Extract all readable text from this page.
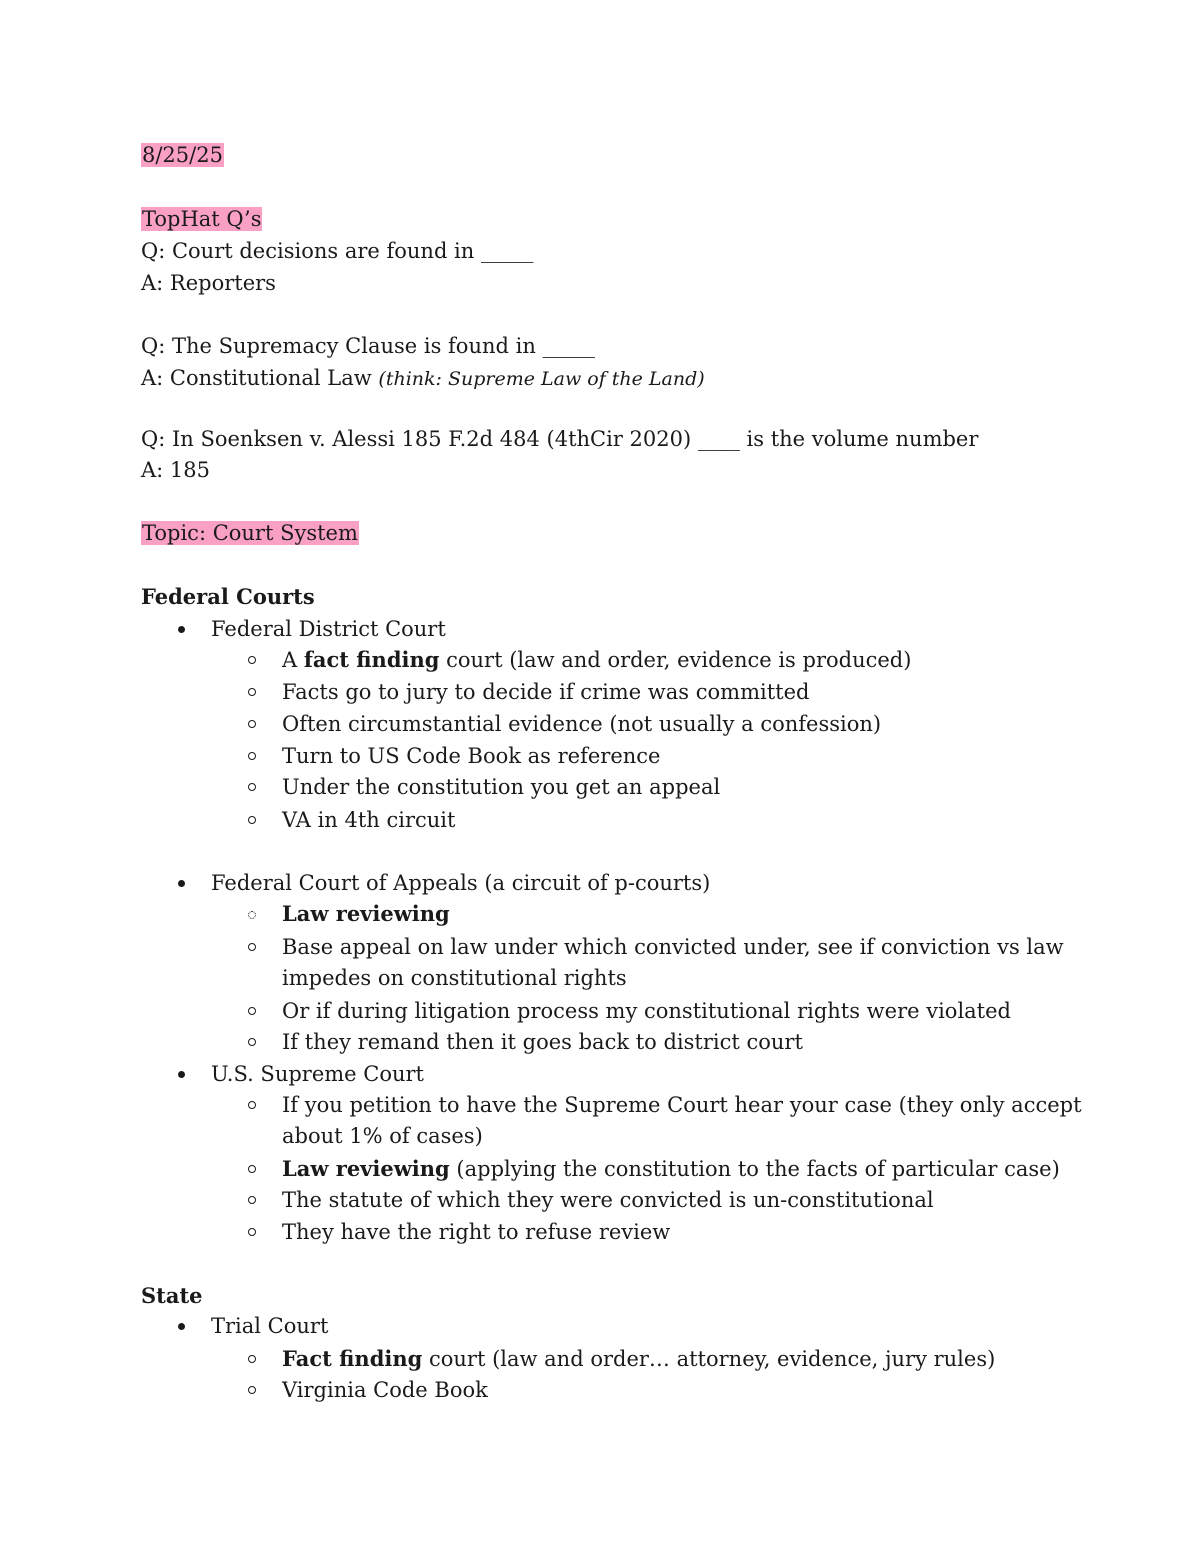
8/25/25
TopHat Q’s
Q: Court decisions are found in _____
A: Reporters
Q: The Supremacy Clause is found in _____
A: Constitutional Law (think: Supreme Law of the Land)
Q: In Soenksen v. Alessi 185 F.2d 484 (4thCir 2020) ____ is the volume number
A: 185
Topic: Court System
Federal Courts
Federal District Court
A fact finding court (law and order, evidence is produced)
Facts go to jury to decide if crime was committed
Often circumstantial evidence (not usually a confession)
Turn to US Code Book as reference
Under the constitution you get an appeal
VA in 4th circuit
Federal Court of Appeals (a circuit of p-courts)
Law reviewing
Base appeal on law under which convicted under, see if conviction vs law
impedes on constitutional rights
Or if during litigation process my constitutional rights were violated
If they remand then it goes back to district court
U.S. Supreme Court
If you petition to have the Supreme Court hear your case (they only accept
about 1% of cases)
Law reviewing (applying the constitution to the facts of particular case)
The statute of which they were convicted is un-constitutional
They have the right to refuse review
State
Trial Court
Fact finding court (law and order… attorney, evidence, jury rules)
Virginia Code Book
